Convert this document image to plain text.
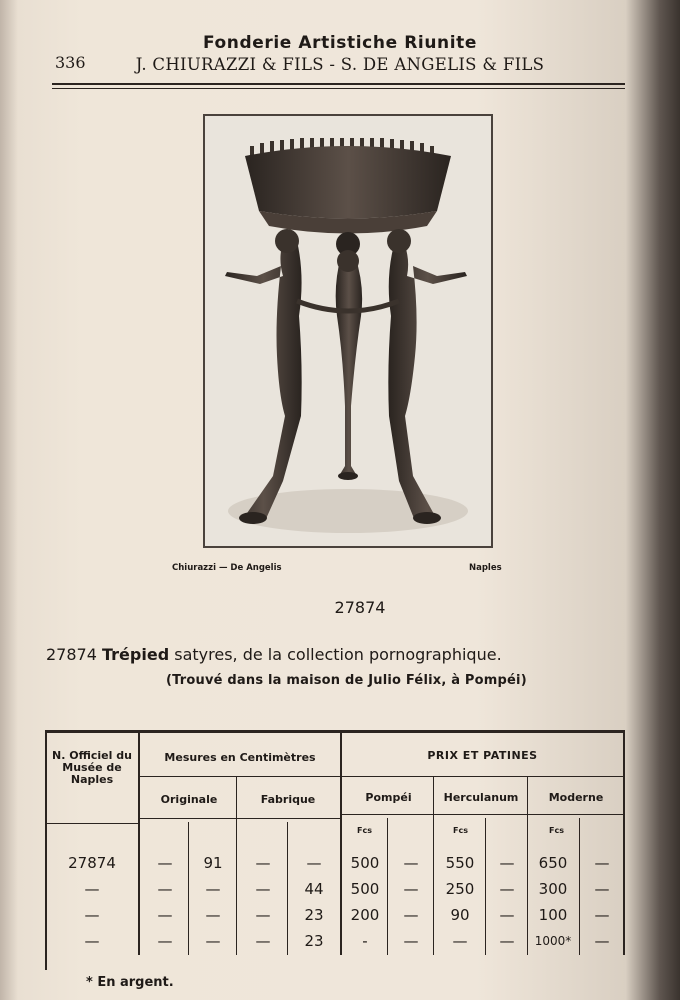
Fonderie Artistiche Riunite
336	J. CHIURAZZI & FILS - S. DE ANGELIS & FILS
Chiurazzi — De Angelis	Naples
27874
27874 Trépied satyres, de la collection pornographique.
(Trouvé dans la maison de Julio Félix, à Pompéi)
N. Officiel du Musée de Naples
Mesures en Centimètres	PRIX ET PATINES
Originale	Fabrique	Pompéi	Herculanum	Moderne
Fcs	Fcs	Fcs
27874	—	91	—	—	500	—	550	—	650	—
—	—	—	—	44	500	—	250	—	300	—
—	—	—	—	23	200	—	90	—	100	—
—	—	—	—	23	-	—	—	—	1000*	—
* En argent.
